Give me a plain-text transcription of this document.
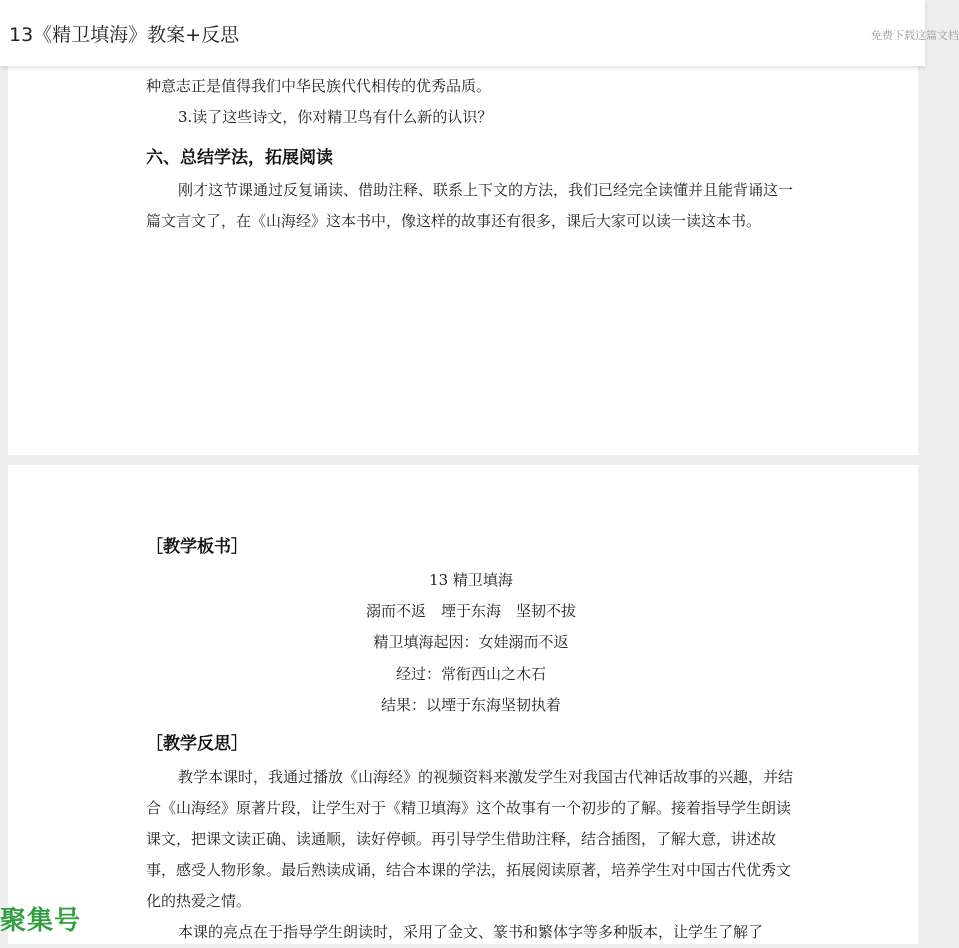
13《精卫填海》教案+反思	免费下载这篇文档
种意志正是值得我们中华民族代代相传的优秀品质。
3.读了这些诗文，你对精卫鸟有什么新的认识？
六、总结学法，拓展阅读
刚才这节课通过反复诵读、借助注释、联系上下文的方法，我们已经完全读懂并且能背诵这一篇文言文了，在《山海经》这本书中，像这样的故事还有很多，课后大家可以读一读这本书。
［教学板书］
13 精卫填海
溺而不返　堙于东海　坚韧不拔
精卫填海起因：女娃溺而不返
经过：常衔西山之木石
结果：以堙于东海坚韧执着
［教学反思］
教学本课时，我通过播放《山海经》的视频资料来激发学生对我国古代神话故事的兴趣，并结合《山海经》原著片段，让学生对于《精卫填海》这个故事有一个初步的了解。接着指导学生朗读课文，把课文读正确、读通顺，读好停顿。再引导学生借助注释，结合插图，了解大意，讲述故事，感受人物形象。最后熟读成诵，结合本课的学法，拓展阅读原著，培养学生对中国古代优秀文化的热爱之情。
本课的亮点在于指导学生朗读时，采用了金文、篆书和繁体字等多种版本，让学生了解了
聚集号
